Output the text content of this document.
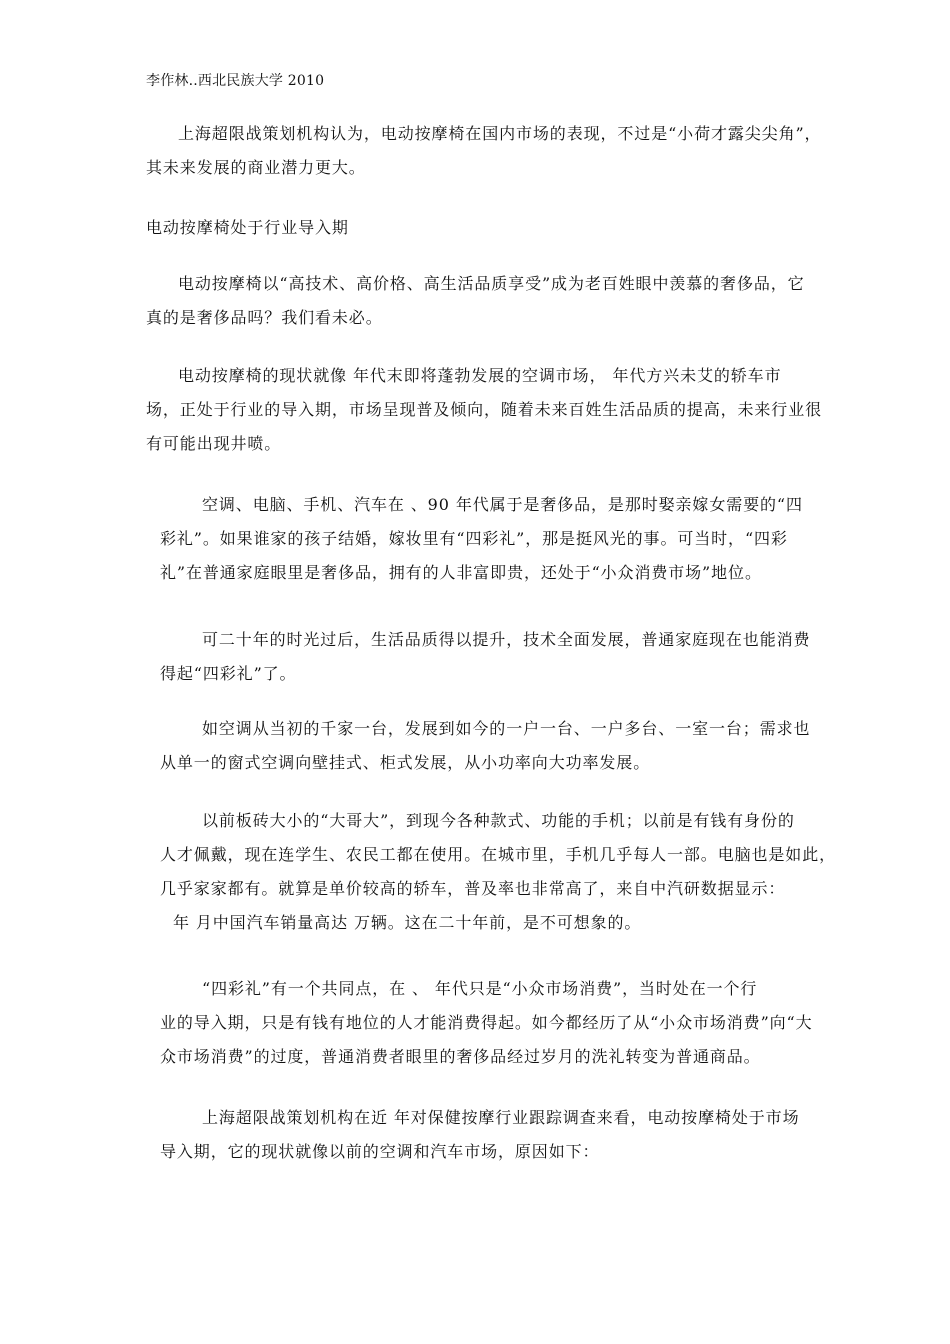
李作林..西北民族大学 2010
上海超限战策划机构认为，电动按摩椅在国内市场的表现，不过是“小荷才露尖尖角”，
其未来发展的商业潜力更大。
电动按摩椅处于行业导入期
电动按摩椅以“高技术、高价格、高生活品质享受”成为老百姓眼中羡慕的奢侈品，它
真的是奢侈品吗？我们看未必。
电动按摩椅的现状就像 年代末即将蓬勃发展的空调市场， 年代方兴未艾的轿车市
场，正处于行业的导入期，市场呈现普及倾向，随着未来百姓生活品质的提高，未来行业很
有可能出现井喷。
空调、电脑、手机、汽车在 、90 年代属于是奢侈品，是那时娶亲嫁女需要的“四
彩礼”。如果谁家的孩子结婚，嫁妆里有“四彩礼”，那是挺风光的事。可当时，“四彩
礼”在普通家庭眼里是奢侈品，拥有的人非富即贵，还处于“小众消费市场”地位。
可二十年的时光过后，生活品质得以提升，技术全面发展，普通家庭现在也能消费
得起“四彩礼”了。
如空调从当初的千家一台，发展到如今的一户一台、一户多台、一室一台；需求也
从单一的窗式空调向壁挂式、柜式发展，从小功率向大功率发展。
以前板砖大小的“大哥大”，到现今各种款式、功能的手机；以前是有钱有身份的
人才佩戴，现在连学生、农民工都在使用。在城市里，手机几乎每人一部。电脑也是如此，
几乎家家都有。就算是单价较高的轿车，普及率也非常高了，来自中汽研数据显示：
年 月中国汽车销量高达 万辆。这在二十年前，是不可想象的。
“四彩礼”有一个共同点，在 、 年代只是“小众市场消费”，当时处在一个行
业的导入期，只是有钱有地位的人才能消费得起。如今都经历了从“小众市场消费”向“大
众市场消费”的过度，普通消费者眼里的奢侈品经过岁月的洗礼转变为普通商品。
上海超限战策划机构在近 年对保健按摩行业跟踪调查来看，电动按摩椅处于市场
导入期，它的现状就像以前的空调和汽车市场，原因如下：
